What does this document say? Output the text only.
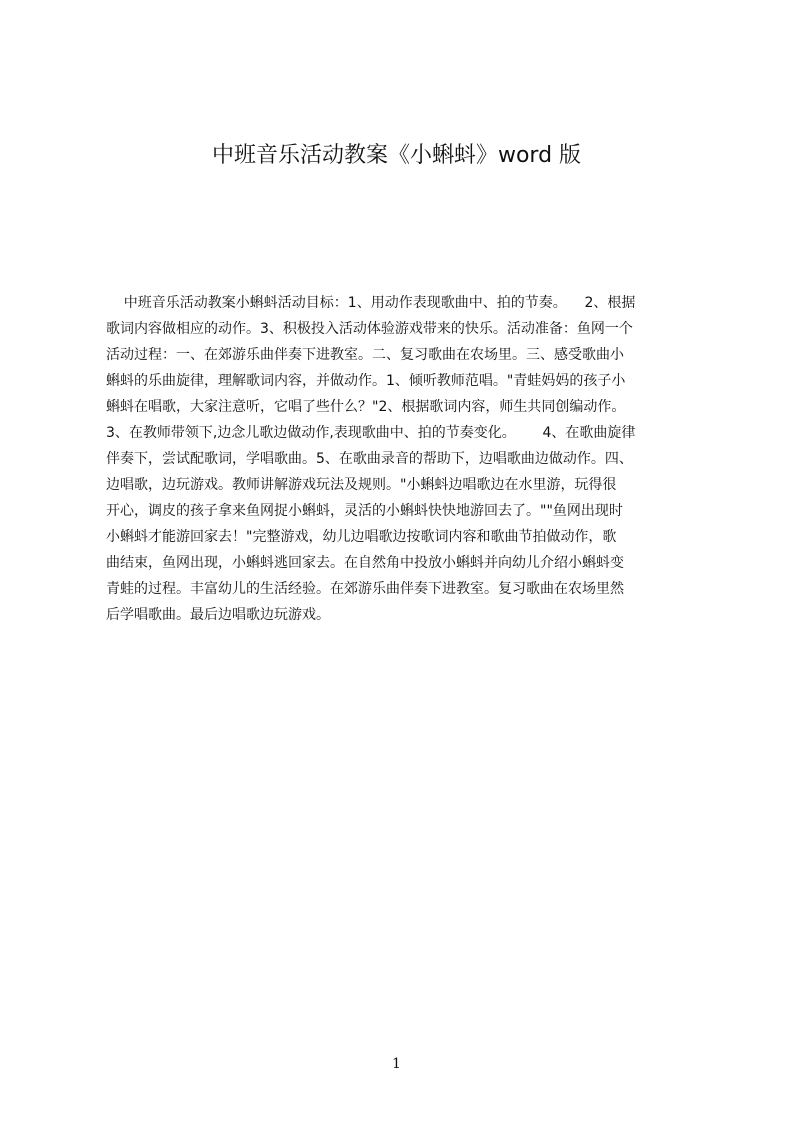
中班音乐活动教案《小蝌蚪》word 版
中班音乐活动教案小蝌蚪活动目标：1、用动作表现歌曲中、拍的节奏。    2、根据
歌词内容做相应的动作。3、积极投入活动体验游戏带来的快乐。活动准备：鱼网一个
活动过程：一、在郊游乐曲伴奏下进教室。二、复习歌曲在农场里。三、感受歌曲小
蝌蚪的乐曲旋律，理解歌词内容，并做动作。1、倾听教师范唱。"青蛙妈妈的孩子小
蝌蚪在唱歌，大家注意听，它唱了些什么？"2、根据歌词内容，师生共同创编动作。
3、在教师带领下,边念儿歌边做动作,表现歌曲中、拍的节奏变化。      4、在歌曲旋律
伴奏下，尝试配歌词，学唱歌曲。5、在歌曲录音的帮助下，边唱歌曲边做动作。四、
边唱歌，边玩游戏。教师讲解游戏玩法及规则。"小蝌蚪边唱歌边在水里游，玩得很
开心，调皮的孩子拿来鱼网捉小蝌蚪，灵活的小蝌蚪快快地游回去了。""鱼网出现时
小蝌蚪才能游回家去！"完整游戏，幼儿边唱歌边按歌词内容和歌曲节拍做动作，歌
曲结束，鱼网出现，小蝌蚪逃回家去。在自然角中投放小蝌蚪并向幼儿介绍小蝌蚪变
青蛙的过程。丰富幼儿的生活经验。在郊游乐曲伴奏下进教室。复习歌曲在农场里然
后学唱歌曲。最后边唱歌边玩游戏。
1
